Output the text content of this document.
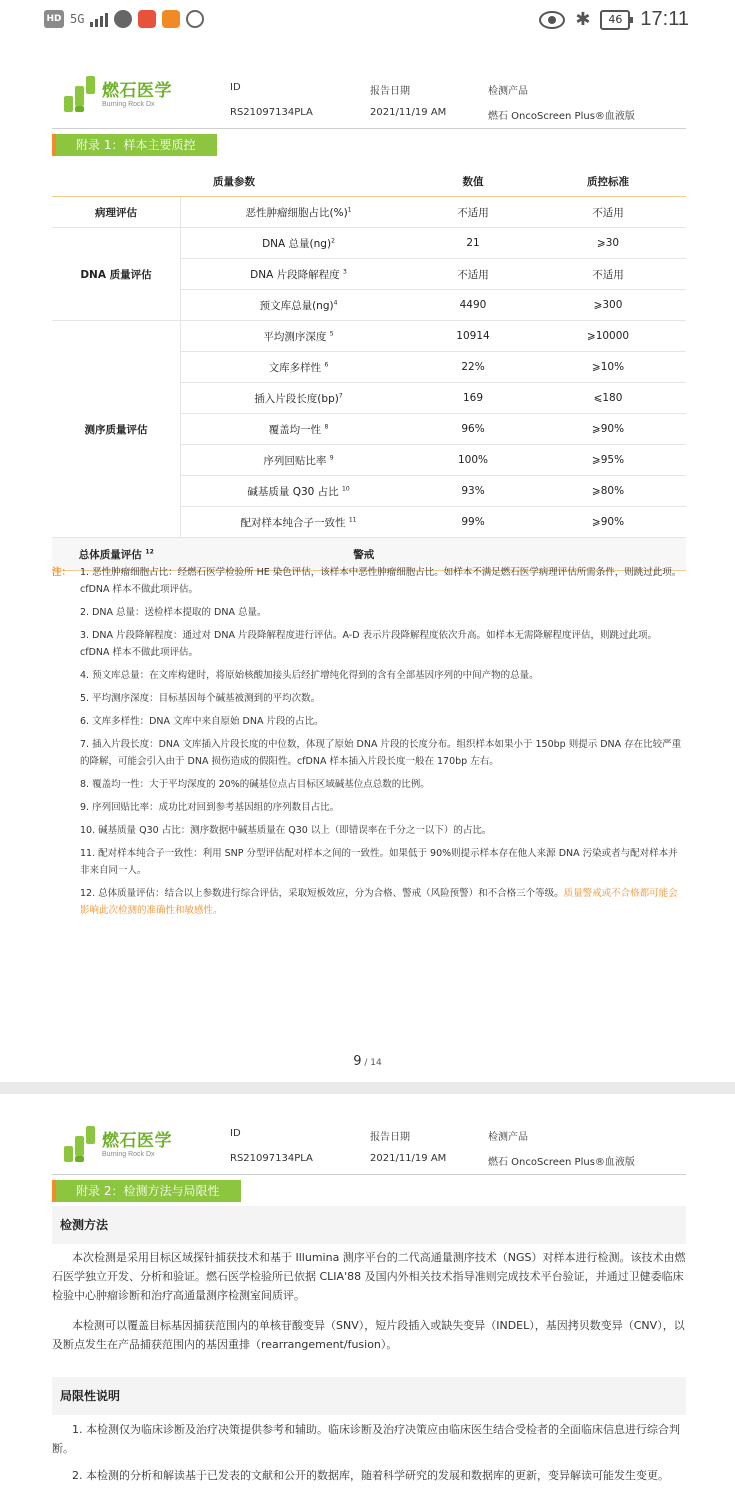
HD 5G	✱	46 17:11
燃石医学
Burning Rock Dx
ID
RS21097134PLA
报告日期
2021/11/19 AM
检测产品
燃石 OncoScreen Plus®血液版
附录 1：样本主要质控
质量参数		数值	质控标准
病理评估	恶性肿瘤细胞占比(%)$^1$	不适用	不适用
DNA 质量评估	DNA 总量(ng)$^2$	21	⩾30
	DNA 片段降解程度 $^3$	不适用	不适用
	预文库总量(ng)$^4$	4490	⩾300
测序质量评估	平均测序深度 $^5$	10914	⩾10000
	文库多样性 $^6$	22%	⩾10%
	插入片段长度(bp)$^7$	169	⩽180
	覆盖均一性 $^8$	96%	⩾90%
	序列回贴比率 $^9$	100%	⩾95%
	碱基质量 Q30 占比 $^{10}$	93%	⩾80%
	配对样本纯合子一致性 $^{11}$	99%	⩾90%
总体质量评估 $^{12}$	警戒		
注： 1. 恶性肿瘤细胞占比：经燃石医学检验所 HE 染色评估，该样本中恶性肿瘤细胞占比。如样本不满足燃石医学病理评估所需条件，则跳过此项。cfDNA 样本不做此项评估。
2. DNA 总量：送检样本提取的 DNA 总量。
3. DNA 片段降解程度：通过对 DNA 片段降解程度进行评估。A-D 表示片段降解程度依次升高。如样本无需降解程度评估，则跳过此项。cfDNA 样本不做此项评估。
4. 预文库总量：在文库构建时，将原始核酸加接头后经扩增纯化得到的含有全部基因序列的中间产物的总量。
5. 平均测序深度：目标基因每个碱基被测到的平均次数。
6. 文库多样性：DNA 文库中来自原始 DNA 片段的占比。
7. 插入片段长度：DNA 文库插入片段长度的中位数，体现了原始 DNA 片段的长度分布。组织样本如果小于 150bp 则提示 DNA 存在比较严重的降解，可能会引入由于 DNA 损伤造成的假阳性。cfDNA 样本插入片段长度一般在 170bp 左右。
8. 覆盖均一性：大于平均深度的 20%的碱基位点占目标区域碱基位点总数的比例。
9. 序列回贴比率：成功比对回到参考基因组的序列数目占比。
10. 碱基质量 Q30 占比：测序数据中碱基质量在 Q30 以上（即错误率在千分之一以下）的占比。
11. 配对样本纯合子一致性：利用 SNP 分型评估配对样本之间的一致性。如果低于 90%则提示样本存在他人来源 DNA 污染或者与配对样本并非来自同一人。
12. 总体质量评估：结合以上参数进行综合评估，采取短板效应，分为合格、警戒（风险预警）和不合格三个等级。质量警戒或不合格都可能会影响此次检测的准确性和敏感性。
9 / 14
燃石医学
Burning Rock Dx
ID
RS21097134PLA
报告日期
2021/11/19 AM
检测产品
燃石 OncoScreen Plus®血液版
附录 2：检测方法与局限性
检测方法
本次检测是采用目标区域探针捕获技术和基于 Illumina 测序平台的二代高通量测序技术（NGS）对样本进行检测。该技术由燃石医学独立开发、分析和验证。燃石医学检验所已依据 CLIA'88 及国内外相关技术指导准则完成技术平台验证，并通过卫健委临床检验中心肿瘤诊断和治疗高通量测序检测室间质评。
本检测可以覆盖目标基因捕获范围内的单核苷酸变异（SNV），短片段插入或缺失变异（INDEL），基因拷贝数变异（CNV），以及断点发生在产品捕获范围内的基因重排（rearrangement/fusion）。
局限性说明
1. 本检测仅为临床诊断及治疗决策提供参考和辅助。临床诊断及治疗决策应由临床医生结合受检者的全面临床信息进行综合判断。
2. 本检测的分析和解读基于已发表的文献和公开的数据库，随着科学研究的发展和数据库的更新，变异解读可能发生变更。
